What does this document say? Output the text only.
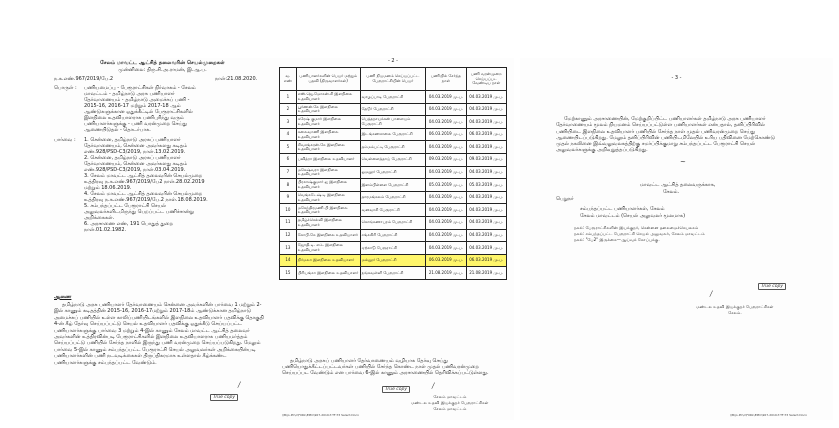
சேலம் மாவட்ட ஆட்சித் தலைவரின் செயல்முறைகள்
முன்னிலை: திரு.சி.அ.ராமன், இ.ஆ.ப.
ந.க.எண்.967/2019/பே.2	நாள்:21.08.2020.
பொருள் : பணியமைப்பு - பேரூராட்சிகள் நிர்வாகம் - சேலம்
மாவட்டம் - தமிழ்நாடு அரசு பணியாளர்
தேர்வாணையம் - தமிழ்நாடு அமைச்சுப் பணி -
2015-16, 2016-17 மற்றும் 2017-18 ஆம்
ஆண்டுகளுக்கான ஒதுக்கீட்டில் பேரூராட்சிகளில்
இளநிலை உதவியாளராக பணிபுரிந்து வரும்
பணியாளர்களுக்கு - பணி வரன்முறை செய்து
ஆணையிடுதல் - தொடர்பாக.
பார்வை : 1. சென்னை, தமிழ்நாடு அரசுப் பணியாளர்
தேர்வாணையம், சென்னை அவர்களது கடிதம்
எண்.928/PSD-C3/2019, நாள்.13.02.2019.
2. சென்னை, தமிழ்நாடு அரசுப் பணியாளர்
தேர்வாணையம், சென்னை அவர்களது கடிதம்
எண்.928/PSD-C3/2019, நாள்.03.04.2019.
3. சேலம் மாவட்ட ஆட்சித் தலைவரின் செயல்முறை
உத்திரவு ந.க.எண்.967/2019/பே2 நாள்.28.02.2019
மற்றும் 18.06.2019.
4. சேலம் மாவட்ட ஆட்சித் தலைவரின் செயல்முறை
உத்திரவு ந.க.எண்.967/2019/பே.2 நாள்.18.08.2019.
5. சம்பந்தப்பட்ட பேரூராட்சி செயல்
அலுவலர்களிடமிருந்து பெறப்பட்ட பணிச்சான்று
அறிக்கைகள்.
6. அரசாணை எண், 191 பொதுத் துறை
நாள்.01.02.1982.
ஆணை
தமிழ்நாடு அரசு பணியாளர் தேர்வாணையம் சென்னை அவர்களின் பார்வை 1 மற்றும் 2-இல் காணும் கடிதத்தின் 2015-16, 2016-17மற்றும் 2017-18ம் ஆண்டுக்கான தமிழ்நாடு அமைச்சுப் பணியில் உள்ள காலிப்பணியிடங்களில் இளநிலை உதவியாளர் பதவிக்கு தொகுதி 4-ன் கீழ் தேர்வு செய்யப்பட்டு செயல் உதவியாளர் பதவிக்கு ஒதுக்கீடு செய்யப்பட்ட பணியாளர்களுக்கு பார்வை 3 மற்றும் 4-இல் காணும் சேலம் மாவட்ட ஆட்சித் தலைவர் அவர்களின் உத்திரவின்படி பேரூராட்சிகளில் இளநிலை உதவியாளராக பணியமர்த்தம் செய்யப்பட்டு பணியில் சேர்ந்த நாளில் இருந்து பணி வரன்முறை செய்யப்படுகிறது. மேலும் பார்வை 5-இல் காணும் சம்பந்தப்பட்ட பேரூராட்சி செயல் அலுவலர்கள் அறிக்கையின்படி பணியாளர்களின் பணி நடவடிக்கைகள் திருப்திகரமாக உள்ளதால் கீழ்க்கண்ட பணியாளர்களுக்கு சம்பந்தப்பட்ட வேண்டும்.
True copy
/
- 2 -
வ. எண்	பணியாளர்களின் பெயர் மற்றும் பதவி (திருவாளர்கள்)	பணி நியமனம் செய்யப்பட்ட பேரூராட்சியின் பெயர்	பணியில் சேர்ந்த நாள்	பணி வரன்முறை செய்யப்பட வேண்டிய நாள்
1	எஸ்.ஜெ.மோகன்.சி இளநிலை உதவியாளர்	வாழப்பாடி பேரூராட்சி	04.03.2019 மு.ப.	04.03.2019 மு.ப.
2	பூர்ணன்.கே இளநிலை உதவியாளர்	தேடூர் பேரூராட்சி	04.03.2019 மு.ப.	04.03.2019 மு.ப.
3	சுரேஷ் குமார் இளநிலை உதவியாளர்	பெத்தநாயக்கன் பாளையம் பேரூராட்சி	04.03.2019 மு.ப.	04.03.2019 மு.ப.
4	கலைவாணி இளநிலை உதவியாளர்	இடங்கணசாலை பேரூராட்சி	06.03.2019 மு.ப.	06.03.2019 மு.ப.
5	சிவசங்கரன்.கே இளநிலை உதவியாளர்	தம்மம்பட்டி பேரூராட்சி	04.03.2019 மு.ப.	04.03.2019 மு.ப.
6	பவித்ரா இளநிலை உதவியாளர்	வெள்ளைத்தாய் பேரூராட்சி	09.03.2019 மு.ப.	09.03.2019 மு.ப.
7	மகேஷ்வரா இளநிலை உதவியாளர்	ஓமலூர் பேரூராட்சி	04.03.2019 மு.ப.	04.03.2019 மு.ப.
8	பிரகாஷ்குமார்.ஐ இளநிலை உதவியாளர்	இளம்பிள்ளை பேரூராட்சி	05.03.2019 மு.ப.	05.03.2019 மு.ப.
9	வெங்கடேஷ்.டி இளநிலை உதவியாளர்	தாரமங்கலம் பேரூராட்சி	04.03.2019 மு.ப.	04.03.2019 மு.ப.
10	மகேந்திரமணி.பி இளநிலை உதவியாளர்	வனவாசி பேரூராட்சி	04.03.2019 மு.ப.	04.03.2019 மு.ப.
11	தமிழ்ச்செல்வி இளநிலை உதவியாளர்	கொங்கணாபுரம் பேரூராட்சி	04.03.2019 மு.ப.	04.03.2019 மு.ப.
12	கோபி.கே இளநிலை உதவியாளர்	சங்ககிரி பேரூராட்சி	04.03.2019 மு.ப.	04.03.2019 மு.ப.
13	ஜோதி.டி. எம். இளநிலை உதவியாளர்	ஏற்காடு பேரூராட்சி	04.03.2019 மு.ப.	04.03.2019 மு.ப.
14	நிர்மலா இளநிலை உதவியாளர்	மல்லூர் பேரூராட்சி	06.03.2019 மு.ப.	06.03.2019 மு.ப.
15	பிரியங்கா இளநிலை உதவியாளர்	நங்கவள்ளி பேரூராட்சி	21.08.2019 மு.ப.	21.08.2019 மு.ப.
தமிழ்நாடு அரசுப் பணியாளர் தேர்வாணையம் வழியாக தேர்வு செய்து பணியொதுக்கீட்டப்பட்டவர்கள் பணியில் சேர்ந்த கொண்ட நாள் முதல் பணிவரன்முறை செய்யப்பட வேண்டும் என பார்வை 6-இல் காணும் அரசாணையில் தெரிவிக்கப்பட்டுள்ளது.
True copy	/
சேலம் மாவட்டம்
மண்டல உதவி இயக்குநர் பேரூராட்சிகள்
சேலம் மாவட்டம்
\\Bijo-PC\c\F0RL\EPIC\967-2019-T.TF-T3 Select.Docx
- 3 -
மேற்காணும் அரசாணையின், மேற்குறிப்பிட்ட பணியாளர்கள் தமிழ்நாடு அரசு பணியாளர் தேர்வாணையம் மூலம் நியமனம் செய்யப்பட்டுள்ள பணியாளர்கள் என்பதால், தனிப்பிரிவில் பணியிடை இளநிலை உதவியாளர் பணியில் சேர்ந்த நாள் முதல் பணிவரன்முறை செய்து ஆணையிடப்படுகிறது. மேலும் தனிப்பிரிவின் பணியிடமிலேயில் உரிய பதிவினை மேற்கொண்டு முதல் நகலினை இவ்வலுவலகத்திற்கு சமர்ப்பிக்குமாறு சம்பந்தப்பட்ட பேரூராட்சி செயல் அலுவலர்களுக்கு அறிவுறுத்தப்படுகிறது.
~
மாவட்ட ஆட்சித் தலைவருக்காக,
சேலம்.
பெறுநர்
சம்பந்தப்பட்ட பணியாளர்கள், சேலம்
சேலம் மாவட்டம் (செயல் அலுவலர் மூலமாக)
நகல்: பேரூராட்சிகளின் இயக்குநர், சென்னை தலைமைச்செயலகம்
நகல்: சம்பந்தப்பட்ட பேரூராட்சி செயல் அலுவலர், சேலம் மாவட்டம்
நகல்: "பே2" இருக்கை—ஆய்வுக் கோப்புக்கு.
True copy
/
மண்டல உதவி இயக்குநர் பேரூராட்சிகள்
சேலம்.
\\Bijo-PC\c\F0RL\EPIC\967-2019-T.TF-T3 Select.Docx
